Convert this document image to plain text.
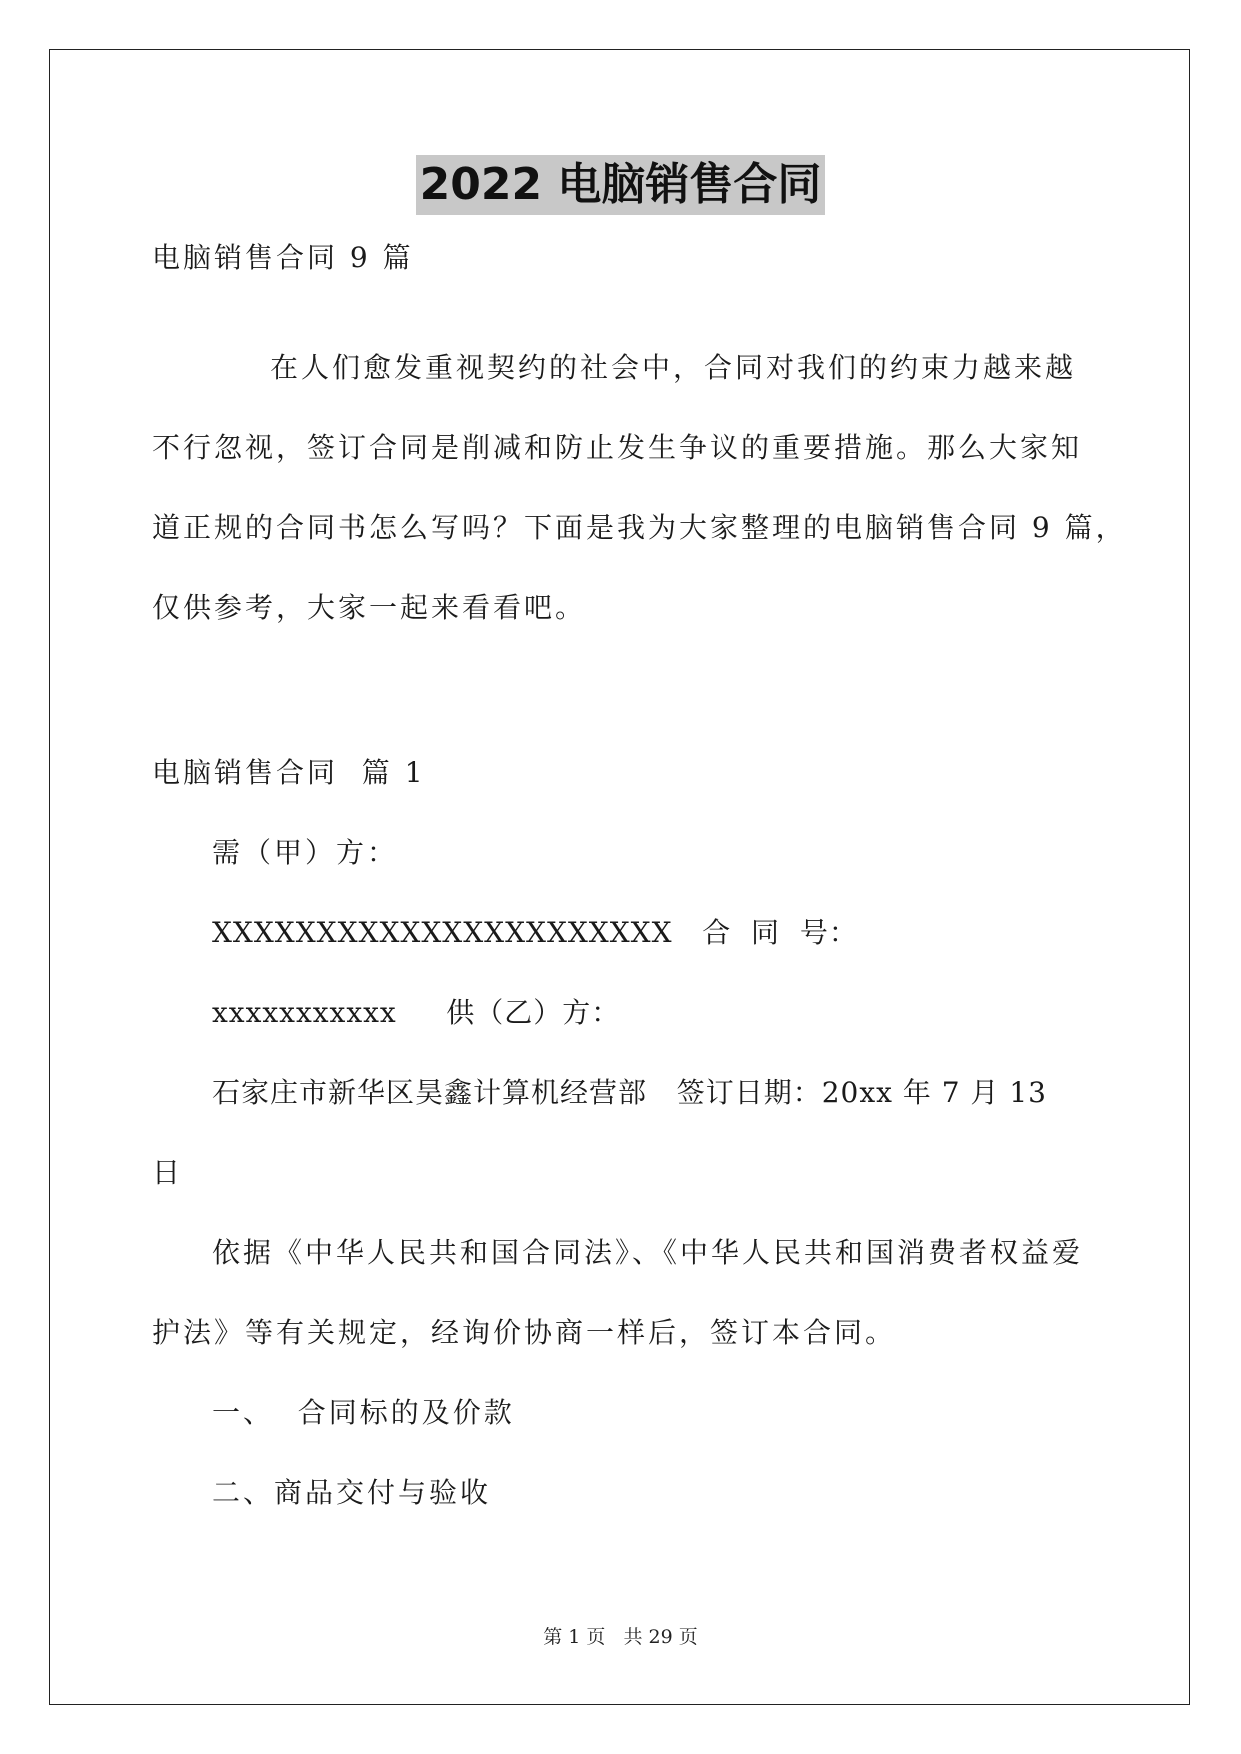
2022 电脑销售合同
电脑销售合同 9 篇
在人们愈发重视契约的社会中，合同对我们的约束力越来越
不行忽视，签订合同是削减和防止发生争议的重要措施。那么大家知
道正规的合同书怎么写吗？下面是我为大家整理的电脑销售合同 9 篇，
仅供参考，大家一起来看看吧。
电脑销售合同  篇 1
需（甲）方：
XXXXXXXXXXXXXXXXXXXXXX   合  同  号：
xxxxxxxxxxx     供（乙）方：
石家庄市新华区昊鑫计算机经营部   签订日期：20xx 年 7 月 13
日
依据《中华人民共和国合同法》、《中华人民共和国消费者权益爱
护法》等有关规定，经询价协商一样后，签订本合同。
一、  合同标的及价款
二、商品交付与验收
第 1 页   共 29 页
